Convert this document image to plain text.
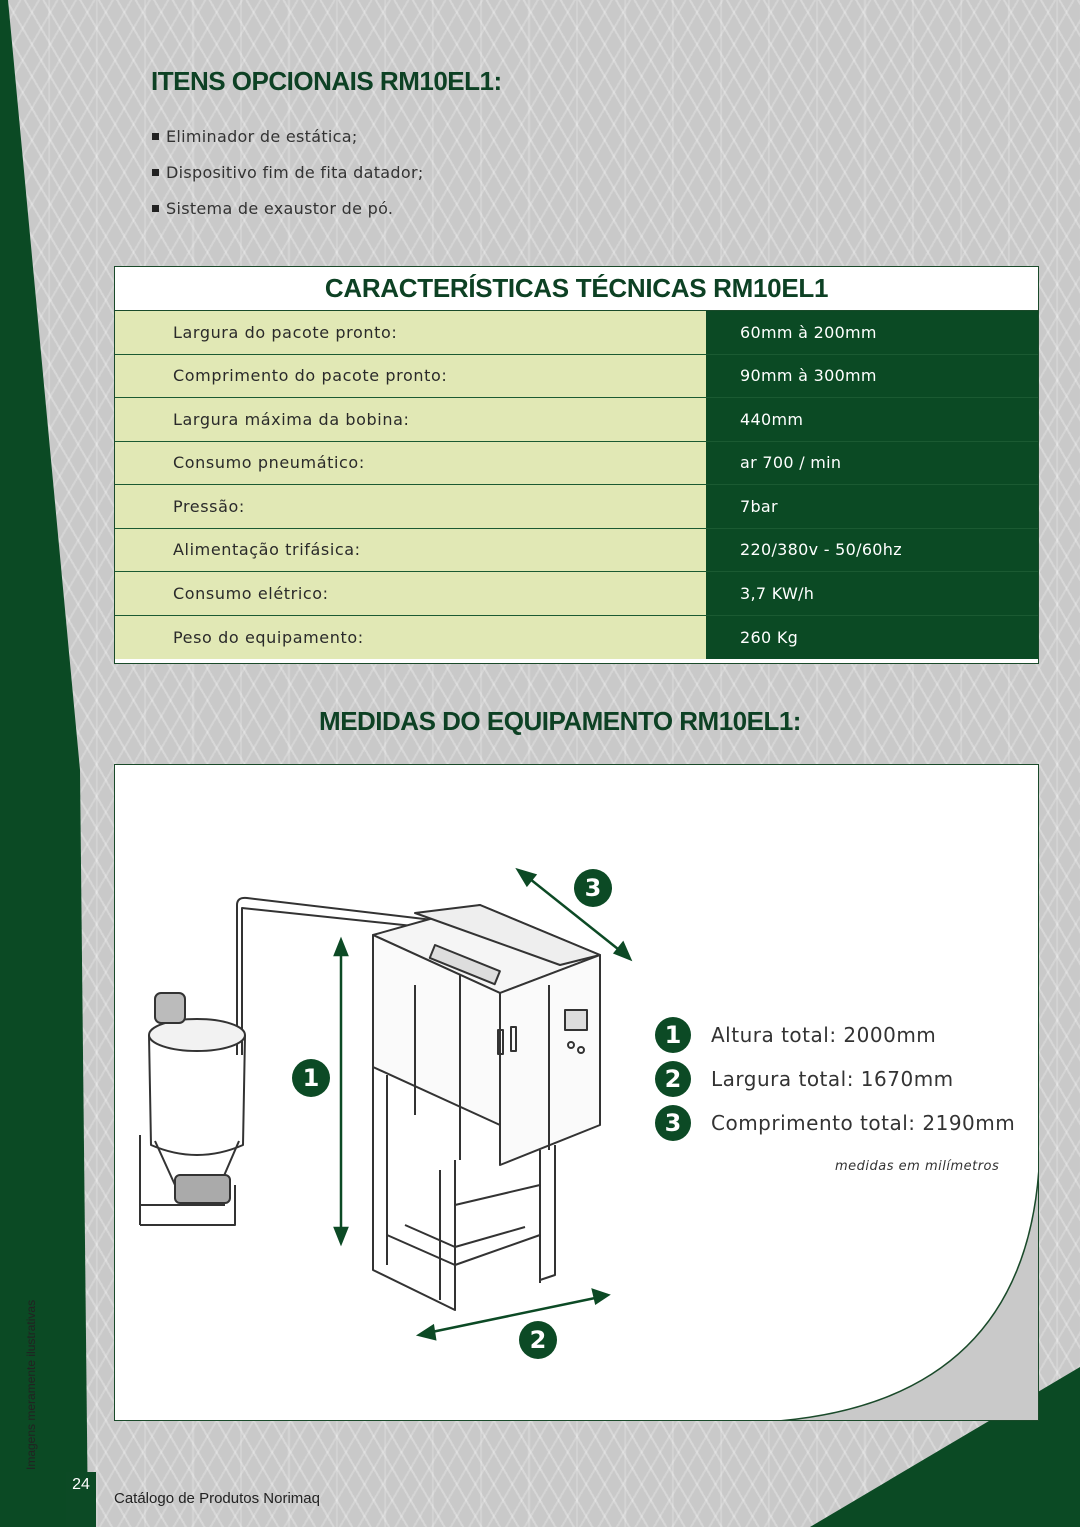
Imagens meramente ilustrativas
ITENS OPCIONAIS RM10EL1:
Eliminador de estática;
Dispositivo fim de fita datador;
Sistema de exaustor de pó.
CARACTERÍSTICAS TÉCNICAS RM10EL1
Largura do pacote pronto:	60mm à 200mm
Comprimento do pacote pronto:	90mm à 300mm
Largura máxima da bobina:	440mm
Consumo pneumático:	ar 700 / min
Pressão:	7bar
Alimentação trifásica:	220/380v - 50/60hz
Consumo elétrico:	3,7 KW/h
Peso do equipamento:	260 Kg
MEDIDAS DO EQUIPAMENTO RM10EL1:
1
2
3
1	Altura total: 2000mm
2	Largura total: 1670mm
3	Comprimento total: 2190mm
medidas em milímetros
24
Catálogo de Produtos Norimaq
